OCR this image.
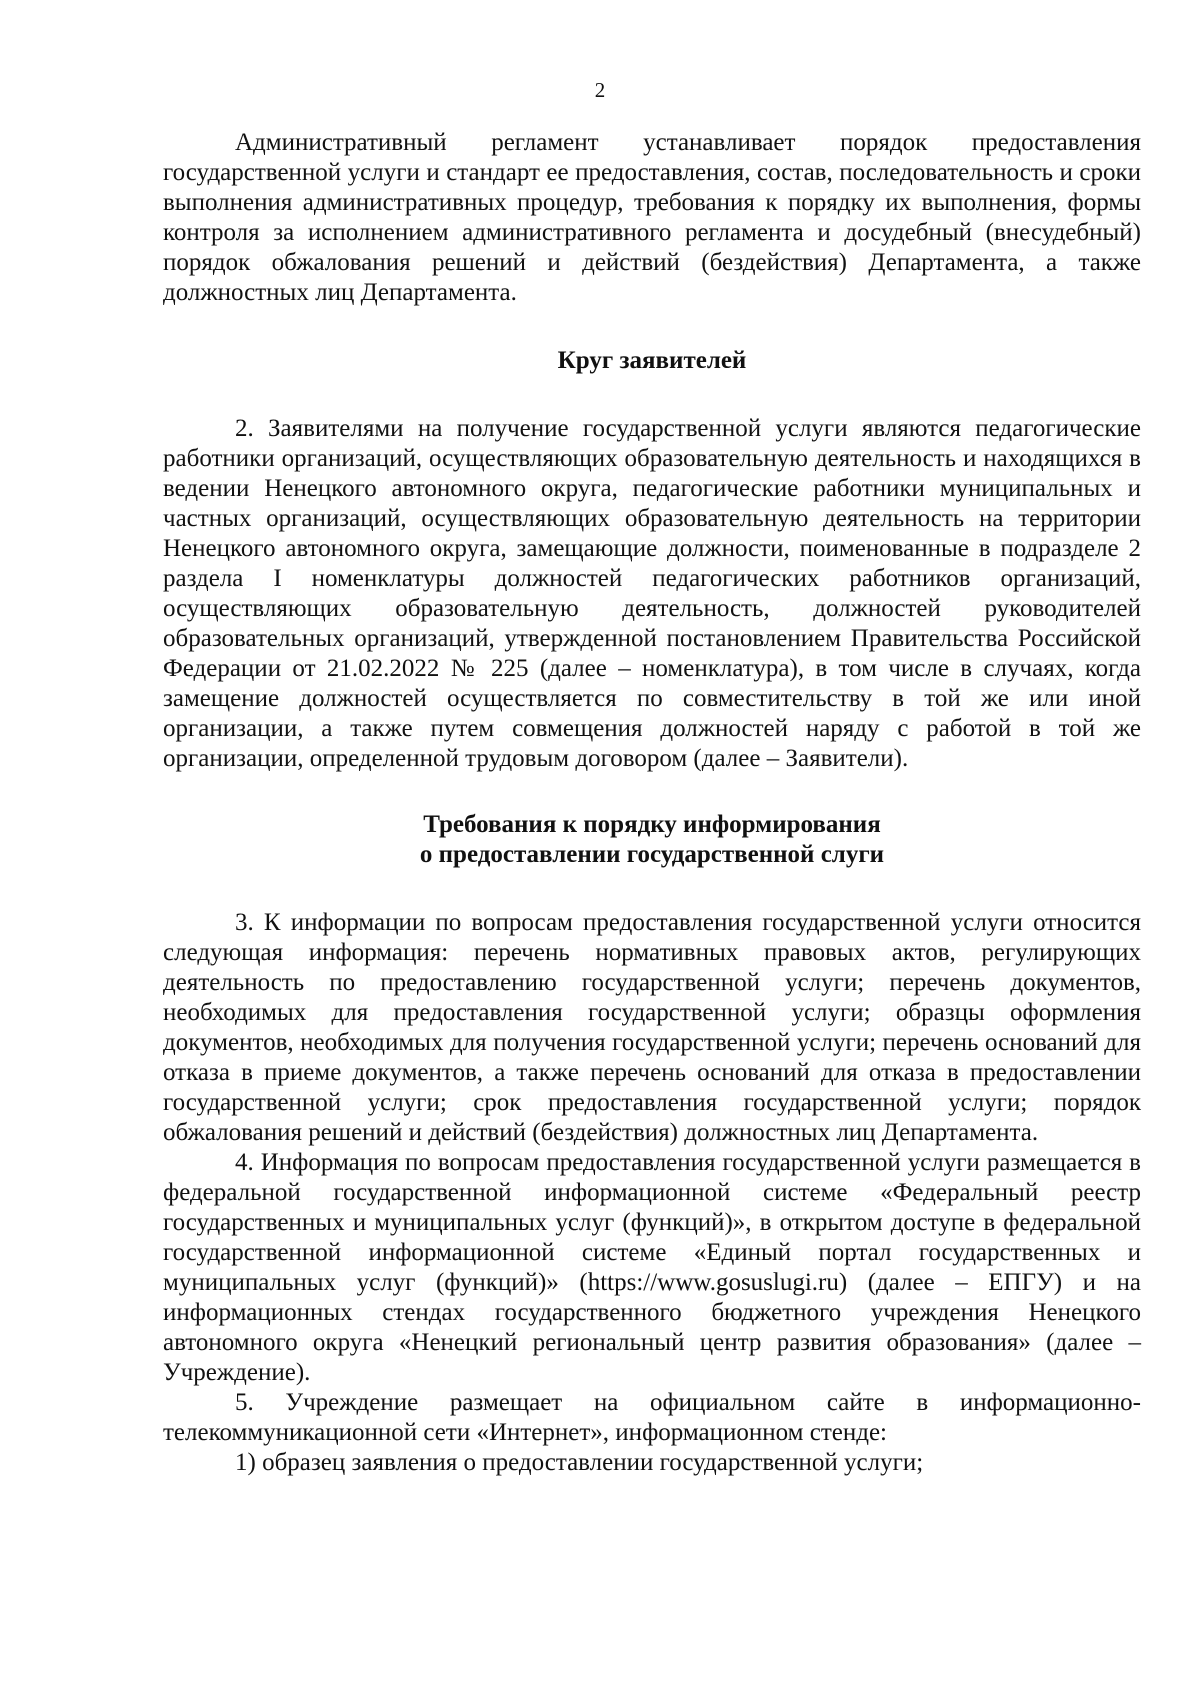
2

Административный регламент устанавливает порядок предоставления государственной услуги и стандарт ее предоставления, состав, последовательность и сроки выполнения административных процедур, требования к порядку их выполнения, формы контроля за исполнением административного регламента и досудебный (внесудебный) порядок обжалования решений и действий (бездействия) Департамента, а также должностных лиц Департамента.

Круг заявителей

2. Заявителями на получение государственной услуги являются педагогические работники организаций, осуществляющих образовательную деятельность и находящихся в ведении Ненецкого автономного округа, педагогические работники муниципальных и частных организаций, осуществляющих образовательную деятельность на территории Ненецкого автономного округа, замещающие должности, поименованные в подразделе 2 раздела I номенклатуры должностей педагогических работников организаций, осуществляющих образовательную деятельность, должностей руководителей образовательных организаций, утвержденной постановлением Правительства Российской Федерации от 21.02.2022 № 225 (далее – номенклатура), в том числе в случаях, когда замещение должностей осуществляется по совместительству в той же или иной организации, а также путем совмещения должностей наряду с работой в той же организации, определенной трудовым договором (далее – Заявители).

Требования к порядку информирования
о предоставлении государственной слуги

3. К информации по вопросам предоставления государственной услуги относится следующая информация: перечень нормативных правовых актов, регулирующих деятельность по предоставлению государственной услуги; перечень документов, необходимых для предоставления государственной услуги; образцы оформления документов, необходимых для получения государственной услуги; перечень оснований для отказа в приеме документов, а также перечень оснований для отказа в предоставлении государственной услуги; срок предоставления государственной услуги; порядок обжалования решений и действий (бездействия) должностных лиц Департамента.

4. Информация по вопросам предоставления государственной услуги размещается в федеральной государственной информационной системе «Федеральный реестр государственных и муниципальных услуг (функций)», в открытом доступе в федеральной государственной информационной системе «Единый портал государственных и муниципальных услуг (функций)» (https://www.gosuslugi.ru) (далее – ЕПГУ) и на информационных стендах государственного бюджетного учреждения Ненецкого автономного округа «Ненецкий региональный центр развития образования» (далее – Учреждение).

5. Учреждение размещает на официальном сайте в информационно-телекоммуникационной сети «Интернет», информационном стенде:

1) образец заявления о предоставлении государственной услуги;
